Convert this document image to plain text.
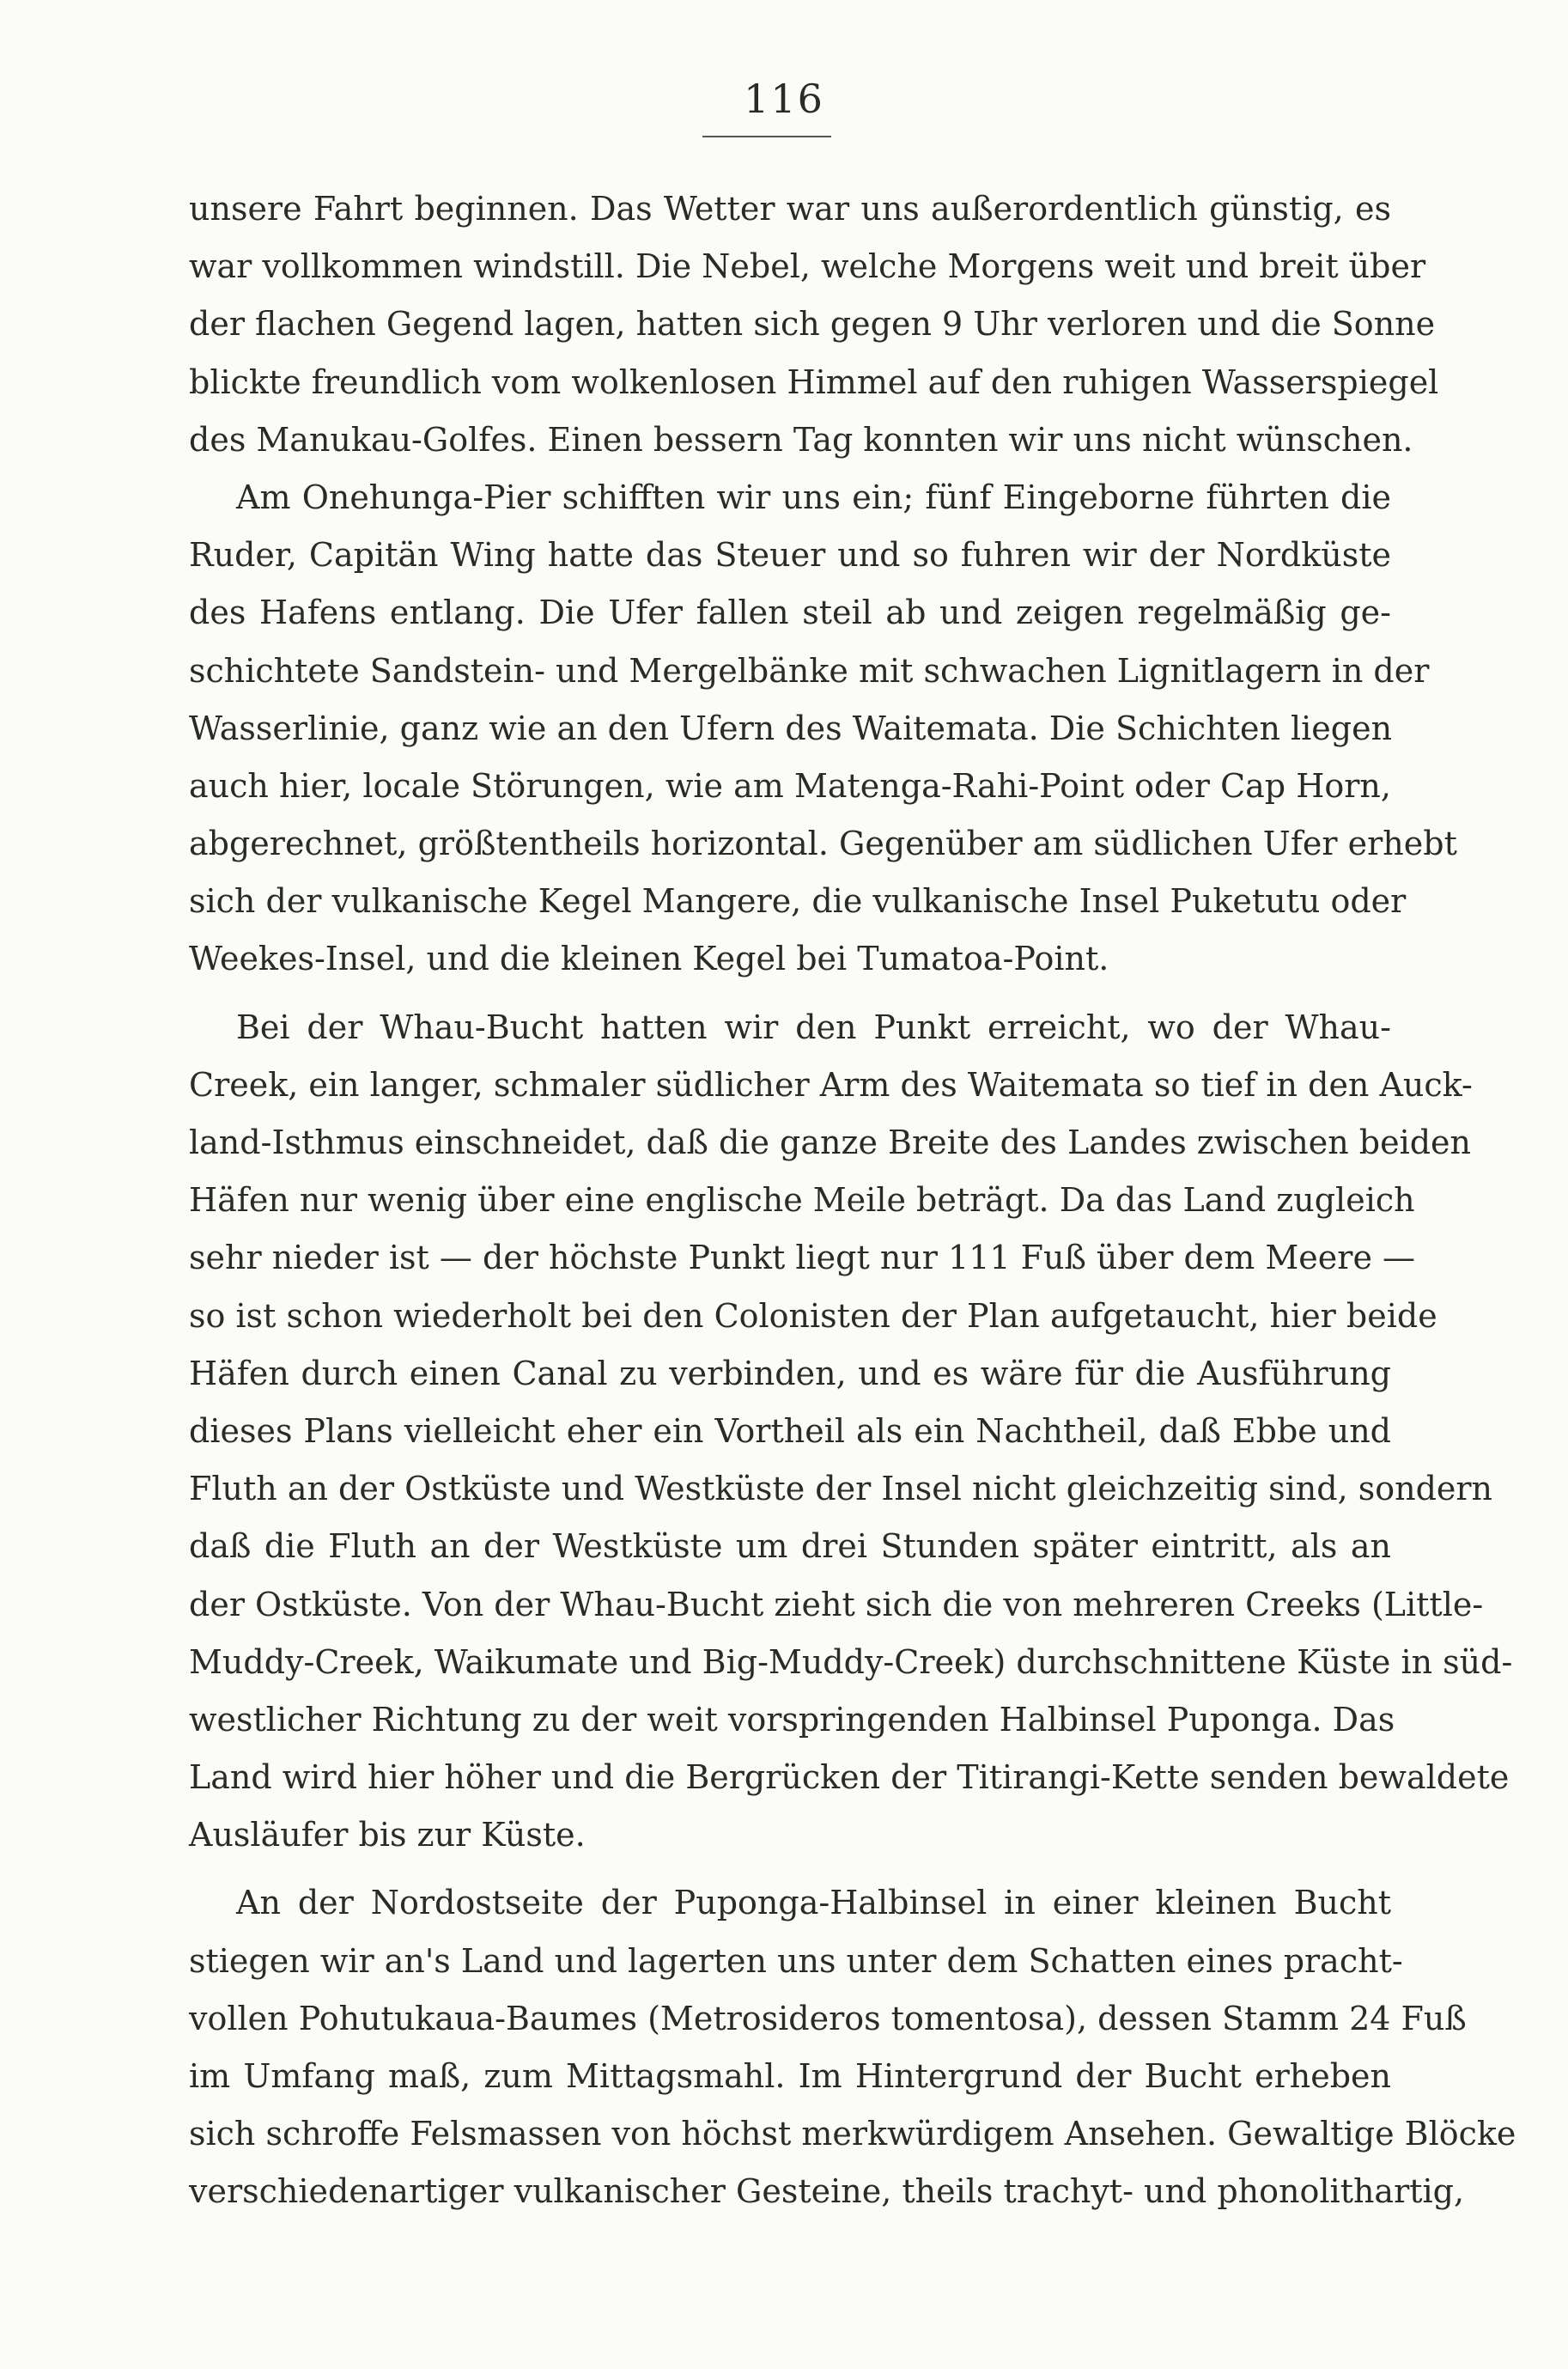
116
unsere Fahrt beginnen. Das Wetter war uns außerordentlich günstig, es
war vollkommen windstill. Die Nebel, welche Morgens weit und breit über
der flachen Gegend lagen, hatten sich gegen 9 Uhr verloren und die Sonne
blickte freundlich vom wolkenlosen Himmel auf den ruhigen Wasserspiegel
des Manukau-Golfes. Einen bessern Tag konnten wir uns nicht wünschen.
Am Onehunga-Pier schifften wir uns ein; fünf Eingeborne führten die
Ruder, Capitän Wing hatte das Steuer und so fuhren wir der Nordküste
des Hafens entlang. Die Ufer fallen steil ab und zeigen regelmäßig ge-
schichtete Sandstein- und Mergelbänke mit schwachen Lignitlagern in der
Wasserlinie, ganz wie an den Ufern des Waitemata. Die Schichten liegen
auch hier, locale Störungen, wie am Matenga-Rahi-Point oder Cap Horn,
abgerechnet, größtentheils horizontal. Gegenüber am südlichen Ufer erhebt
sich der vulkanische Kegel Mangere, die vulkanische Insel Puketutu oder
Weekes-Insel, und die kleinen Kegel bei Tumatoa-Point.
Bei der Whau-Bucht hatten wir den Punkt erreicht, wo der Whau-
Creek, ein langer, schmaler südlicher Arm des Waitemata so tief in den Auck-
land-Isthmus einschneidet, daß die ganze Breite des Landes zwischen beiden
Häfen nur wenig über eine englische Meile beträgt. Da das Land zugleich
sehr nieder ist — der höchste Punkt liegt nur 111 Fuß über dem Meere —
so ist schon wiederholt bei den Colonisten der Plan aufgetaucht, hier beide
Häfen durch einen Canal zu verbinden, und es wäre für die Ausführung
dieses Plans vielleicht eher ein Vortheil als ein Nachtheil, daß Ebbe und
Fluth an der Ostküste und Westküste der Insel nicht gleichzeitig sind, sondern
daß die Fluth an der Westküste um drei Stunden später eintritt, als an
der Ostküste. Von der Whau-Bucht zieht sich die von mehreren Creeks (Little-
Muddy-Creek, Waikumate und Big-Muddy-Creek) durchschnittene Küste in süd-
westlicher Richtung zu der weit vorspringenden Halbinsel Puponga. Das
Land wird hier höher und die Bergrücken der Titirangi-Kette senden bewaldete
Ausläufer bis zur Küste.
An der Nordostseite der Puponga-Halbinsel in einer kleinen Bucht
stiegen wir an's Land und lagerten uns unter dem Schatten eines pracht-
vollen Pohutukaua-Baumes (Metrosideros tomentosa), dessen Stamm 24 Fuß
im Umfang maß, zum Mittagsmahl. Im Hintergrund der Bucht erheben
sich schroffe Felsmassen von höchst merkwürdigem Ansehen. Gewaltige Blöcke
verschiedenartiger vulkanischer Gesteine, theils trachyt- und phonolithartig,
